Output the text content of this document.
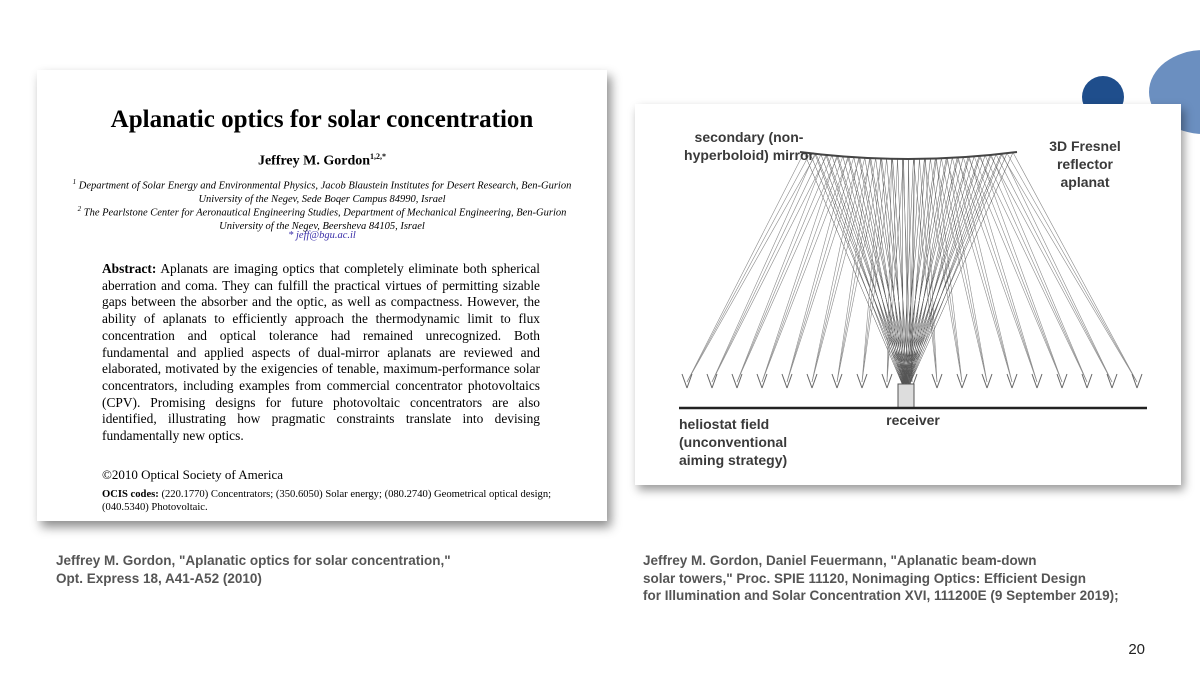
Aplanatic optics for solar concentration
Jeffrey M. Gordon$^{1,2,*}$
$^1$ Department of Solar Energy and Environmental Physics, Jacob Blaustein Institutes for Desert Research, Ben-Gurion University of the Negev, Sede Boqer Campus 84990, Israel
$^2$ The Pearlstone Center for Aeronautical Engineering Studies, Department of Mechanical Engineering, Ben-Gurion University of the Negev, Beersheva 84105, Israel
* jeff@bgu.ac.il
Abstract: Aplanats are imaging optics that completely eliminate both spherical aberration and coma. They can fulfill the practical virtues of permitting sizable gaps between the absorber and the optic, as well as compactness. However, the ability of aplanats to efficiently approach the thermodynamic limit to flux concentration and optical tolerance had remained unrecognized. Both fundamental and applied aspects of dual-mirror aplanats are reviewed and elaborated, motivated by the exigencies of tenable, maximum-performance solar concentrators, including examples from commercial concentrator photovoltaics (CPV). Promising designs for future photovoltaic concentrators are also identified, illustrating how pragmatic constraints translate into devising fundamentally new optics.
©2010 Optical Society of America
OCIS codes: (220.1770) Concentrators; (350.6050) Solar energy; (080.2740) Geometrical optical design; (040.5340) Photovoltaic.
secondary (non-hyperboloid) mirror
3D Fresnel reflector aplanat
receiver
heliostat field (unconventional aiming strategy)
Jeffrey M. Gordon, "Aplanatic optics for solar concentration,"
Opt. Express 18, A41-A52 (2010)
Jeffrey M. Gordon, Daniel Feuermann, "Aplanatic beam-down
solar towers," Proc. SPIE 11120, Nonimaging Optics: Efficient Design
for Illumination and Solar Concentration XVI, 111200E (9 September 2019);
20
